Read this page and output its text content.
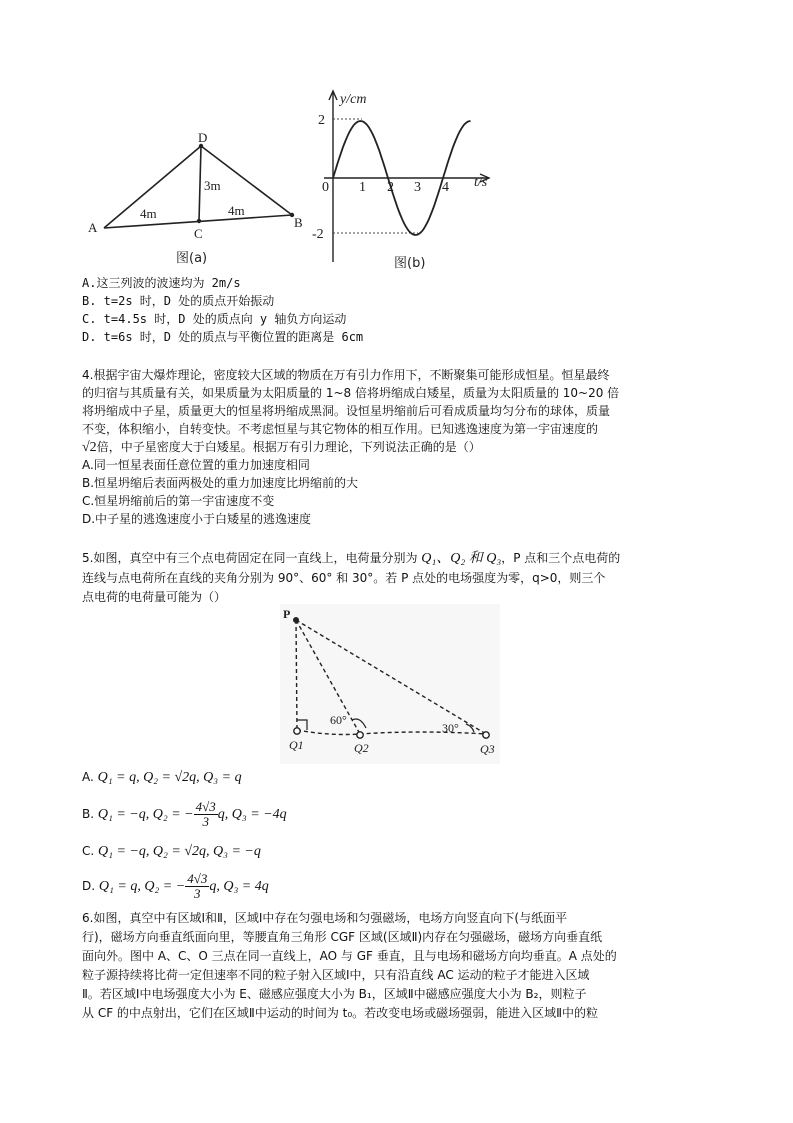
D
A	B
C
4m	4m
3m
图(a)
y/cm
t/s
0 1 2 3 4
2
-2
图(b)
A.这三列波的波速均为 2m/s
B. t=2s 时，D 处的质点开始振动
C. t=4.5s 时，D 处的质点向 y 轴负方向运动
D. t=6s 时，D 处的质点与平衡位置的距离是 6cm
4.根据宇宙大爆炸理论，密度较大区域的物质在万有引力作用下，不断聚集可能形成恒星。恒星最终
的归宿与其质量有关，如果质量为太阳质量的 1~8 倍将坍缩成白矮星，质量为太阳质量的 10~20 倍
将坍缩成中子星，质量更大的恒星将坍缩成黑洞。设恒星坍缩前后可看成质量均匀分布的球体，质量
不变，体积缩小，自转变快。不考虑恒星与其它物体的相互作用。已知逃逸速度为第一宇宙速度的
√2倍，中子星密度大于白矮星。根据万有引力理论，下列说法正确的是（）
A.同一恒星表面任意位置的重力加速度相同
B.恒星坍缩后表面两极处的重力加速度比坍缩前的大
C.恒星坍缩前后的第一宇宙速度不变
D.中子星的逃逸速度小于白矮星的逃逸速度
5.如图，真空中有三个点电荷固定在同一直线上，电荷量分别为 Q₁、Q₂ 和 Q₃，P 点和三个点电荷的
连线与点电荷所在直线的夹角分别为 90°、60° 和 30°。若 P 点处的电场强度为零，q>0，则三个
点电荷的电荷量可能为（）
P
60°
30°
Q1	Q2	Q3
A. Q₁ = q, Q₂ = √2q, Q₃ = q
B. Q₁ = −q, Q₂ = − $\frac{4√3}{3} q$, Q₃ = −4q
C. Q₁ = −q, Q₂ = √2q, Q₃ = −q
D. Q₁ = q, Q₂ = − $\frac{4√3}{3} q$, Q₃ = 4q
6.如图，真空中有区域Ⅰ和Ⅱ，区域Ⅰ中存在匀强电场和匀强磁场，电场方向竖直向下(与纸面平
行)，磁场方向垂直纸面向里，等腰直角三角形 CGF 区域(区域Ⅱ)内存在匀强磁场，磁场方向垂直纸
面向外。图中 A、C、O 三点在同一直线上，AO 与 GF 垂直，且与电场和磁场方向均垂直。A 点处的
粒子源持续将比荷一定但速率不同的粒子射入区域Ⅰ中，只有沿直线 AC 运动的粒子才能进入区域
Ⅱ。若区域Ⅰ中电场强度大小为 E、磁感应强度大小为 B₁，区域Ⅱ中磁感应强度大小为 B₂，则粒子
从 CF 的中点射出，它们在区域Ⅱ中运动的时间为 t₀。若改变电场或磁场强弱，能进入区域Ⅱ中的粒
